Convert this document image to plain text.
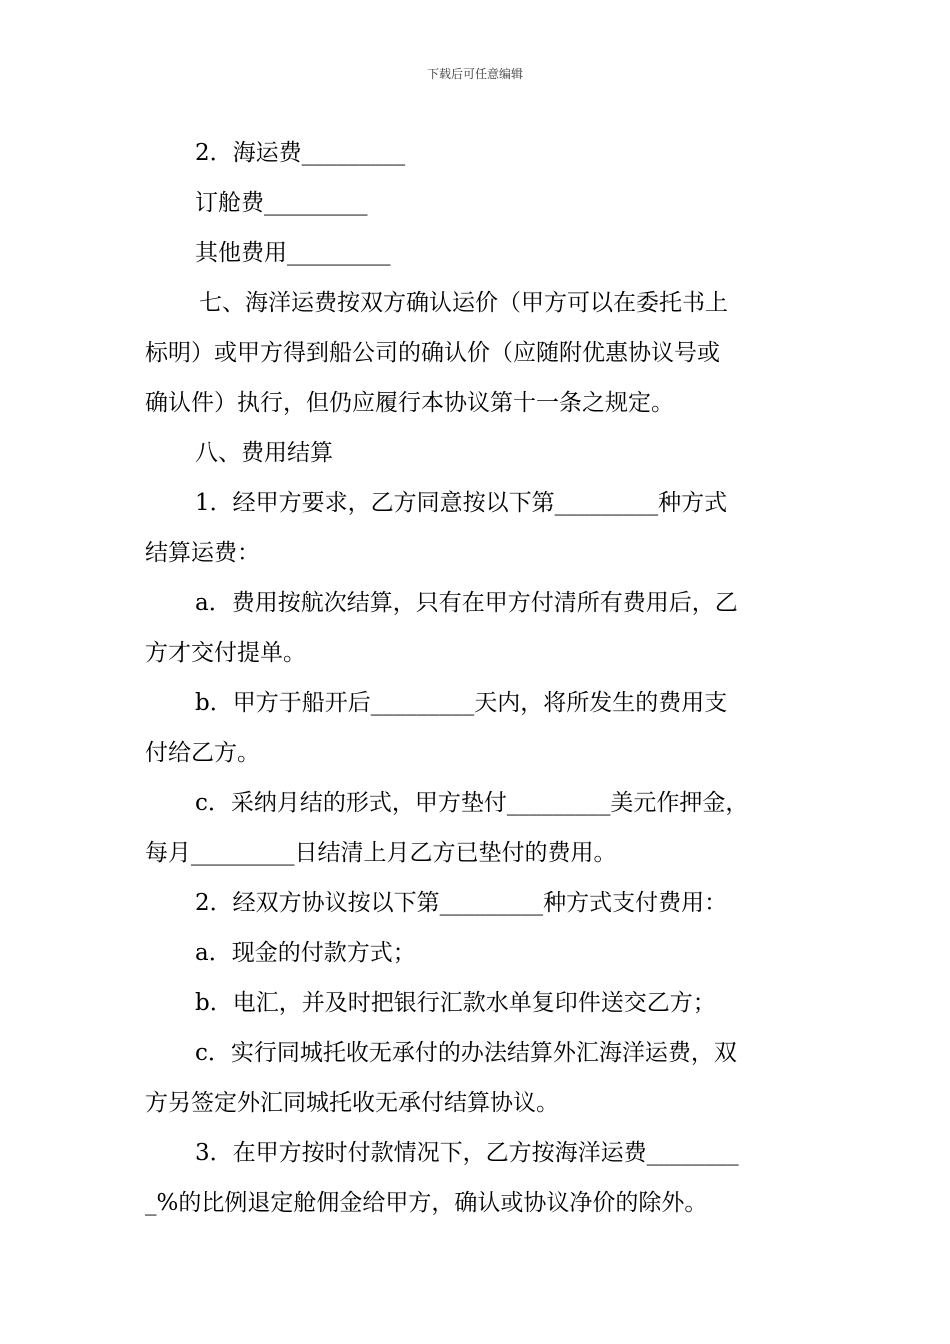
下载后可任意编辑

2．海运费_________

订舱费_________

其他费用_________

七、海洋运费按双方确认运价（甲方可以在委托书上

标明）或甲方得到船公司的确认价（应随附优惠协议号或

确认件）执行，但仍应履行本协议第十一条之规定。

八、费用结算

1．经甲方要求，乙方同意按以下第_________种方式

结算运费：

a．费用按航次结算，只有在甲方付清所有费用后，乙

方才交付提单。

b．甲方于船开后_________天内，将所发生的费用支

付给乙方。

c．采纳月结的形式，甲方垫付_________美元作押金，

每月_________日结清上月乙方已垫付的费用。

2．经双方协议按以下第_________种方式支付费用：

a．现金的付款方式；

b．电汇，并及时把银行汇款水单复印件送交乙方；

c．实行同城托收无承付的办法结算外汇海洋运费，双

方另签定外汇同城托收无承付结算协议。

3．在甲方按时付款情况下，乙方按海洋运费________

_%的比例退定舱佣金给甲方，确认或协议净价的除外。
